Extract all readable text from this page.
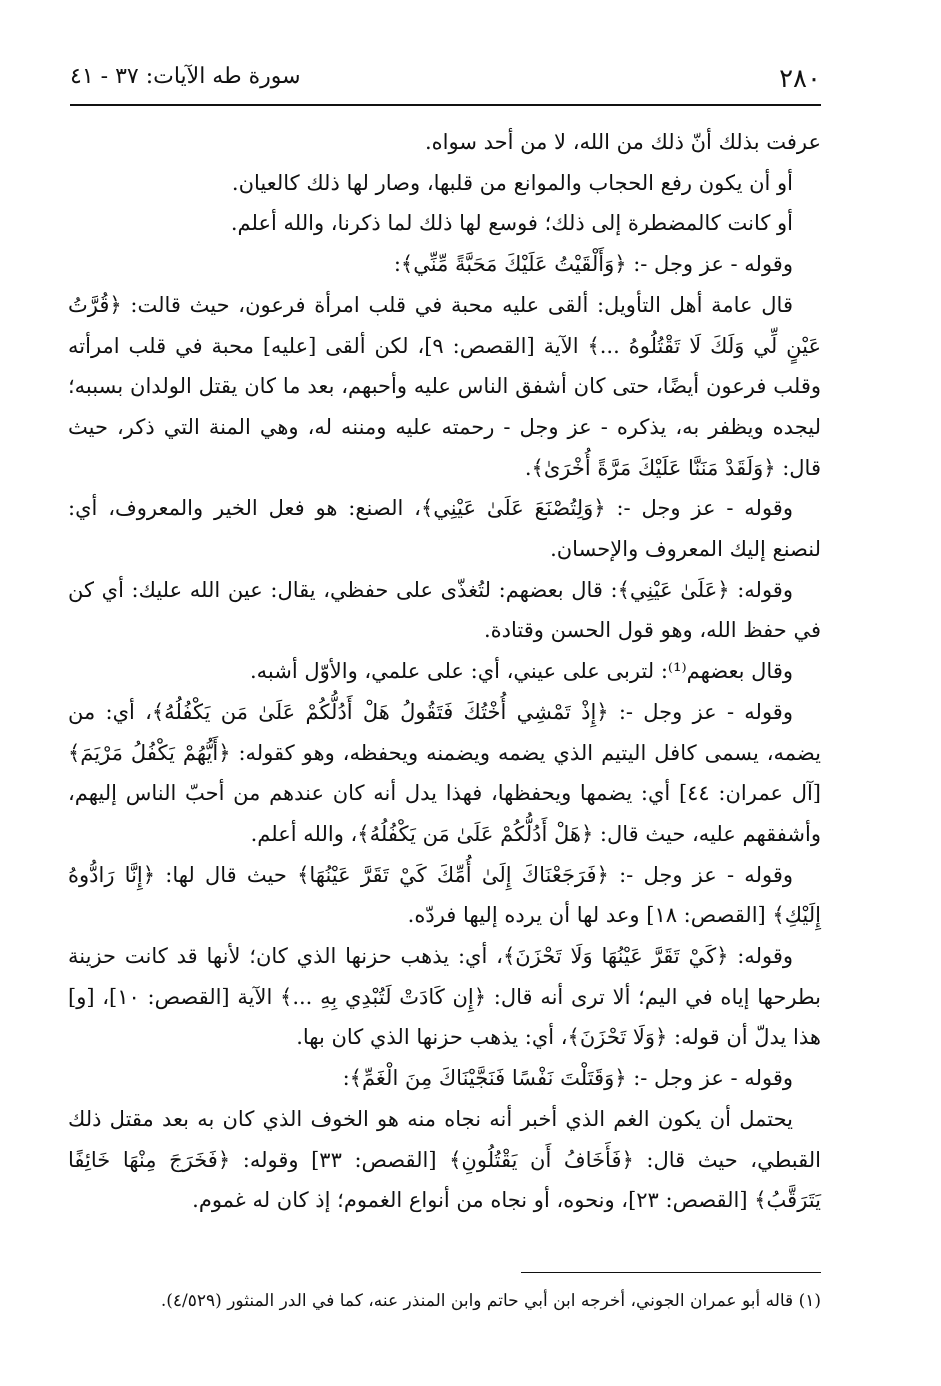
٢٨٠
سورة طه الآيات: ٣٧ - ٤١

عرفت بذلك أنّ ذلك من الله، لا من أحد سواه.

أو أن يكون رفع الحجاب والموانع من قلبها، وصار لها ذلك كالعيان.

أو كانت كالمضطرة إلى ذلك؛ فوسع لها ذلك لما ذكرنا، والله أعلم.

وقوله - عز وجل -: ﴿وَأَلْقَيْتُ عَلَيْكَ مَحَبَّةً مِّنِّي﴾:

قال عامة أهل التأويل: ألقى عليه محبة في قلب امرأة فرعون، حيث قالت: ﴿قُرَّتُ عَيْنٍ لِّي وَلَكَ لَا تَقْتُلُوهُ ...﴾ الآية [القصص: ٩]، لكن ألقى [عليه] محبة في قلب امرأته وقلب فرعون أيضًا، حتى كان أشفق الناس عليه وأحبهم، بعد ما كان يقتل الولدان بسببه؛ ليجده ويظفر به، يذكره - عز وجل - رحمته عليه ومننه له، وهي المنة التي ذكر، حيث قال: ﴿وَلَقَدْ مَنَنَّا عَلَيْكَ مَرَّةً أُخْرَىٰ﴾.

وقوله - عز وجل -: ﴿وَلِتُصْنَعَ عَلَىٰ عَيْنِي﴾، الصنع: هو فعل الخير والمعروف، أي: لنصنع إليك المعروف والإحسان.

وقوله: ﴿عَلَىٰ عَيْنِي﴾: قال بعضهم: لتُغذّى على حفظي، يقال: عين الله عليك: أي كن في حفظ الله، وهو قول الحسن وقتادة.

وقال بعضهم⁽¹⁾: لتربى على عيني، أي: على علمي، والأوّل أشبه.

وقوله - عز وجل -: ﴿إِذْ تَمْشِي أُخْتُكَ فَتَقُولُ هَلْ أَدُلُّكُمْ عَلَىٰ مَن يَكْفُلُهُ﴾، أي: من يضمه، يسمى كافل اليتيم الذي يضمه ويضمنه ويحفظه، وهو كقوله: ﴿أَيُّهُمْ يَكْفُلُ مَرْيَمَ﴾ [آل عمران: ٤٤] أي: يضمها ويحفظها، فهذا يدل أنه كان عندهم من أحبّ الناس إليهم، وأشفقهم عليه، حيث قال: ﴿هَلْ أَدُلُّكُمْ عَلَىٰ مَن يَكْفُلُهُ﴾، والله أعلم.

وقوله - عز وجل -: ﴿فَرَجَعْنَاكَ إِلَىٰ أُمِّكَ كَيْ تَقَرَّ عَيْنُهَا﴾ حيث قال لها: ﴿إِنَّا رَادُّوهُ إِلَيْكِ﴾ [القصص: ١٨] وعد لها أن يرده إليها فردّه.

وقوله: ﴿كَيْ تَقَرَّ عَيْنُهَا وَلَا تَحْزَنَ﴾، أي: يذهب حزنها الذي كان؛ لأنها قد كانت حزينة بطرحها إياه في اليم؛ ألا ترى أنه قال: ﴿إِن كَادَتْ لَتُبْدِي بِهِ ...﴾ الآية [القصص: ١٠]، [و] هذا يدلّ أن قوله: ﴿وَلَا تَحْزَنَ﴾، أي: يذهب حزنها الذي كان بها.

وقوله - عز وجل -: ﴿وَقَتَلْتَ نَفْسًا فَنَجَّيْنَاكَ مِنَ الْغَمِّ﴾:

يحتمل أن يكون الغم الذي أخبر أنه نجاه منه هو الخوف الذي كان به بعد مقتل ذلك القبطي، حيث قال: ﴿فَأَخَافُ أَن يَقْتُلُونِ﴾ [القصص: ٣٣] وقوله: ﴿فَخَرَجَ مِنْهَا خَائِفًا يَتَرَقَّبُ﴾ [القصص: ٢٣]، ونحوه، أو نجاه من أنواع الغموم؛ إذ كان له غموم.

(١) قاله أبو عمران الجوني، أخرجه ابن أبي حاتم وابن المنذر عنه، كما في الدر المنثور (٤/٥٢٩).
